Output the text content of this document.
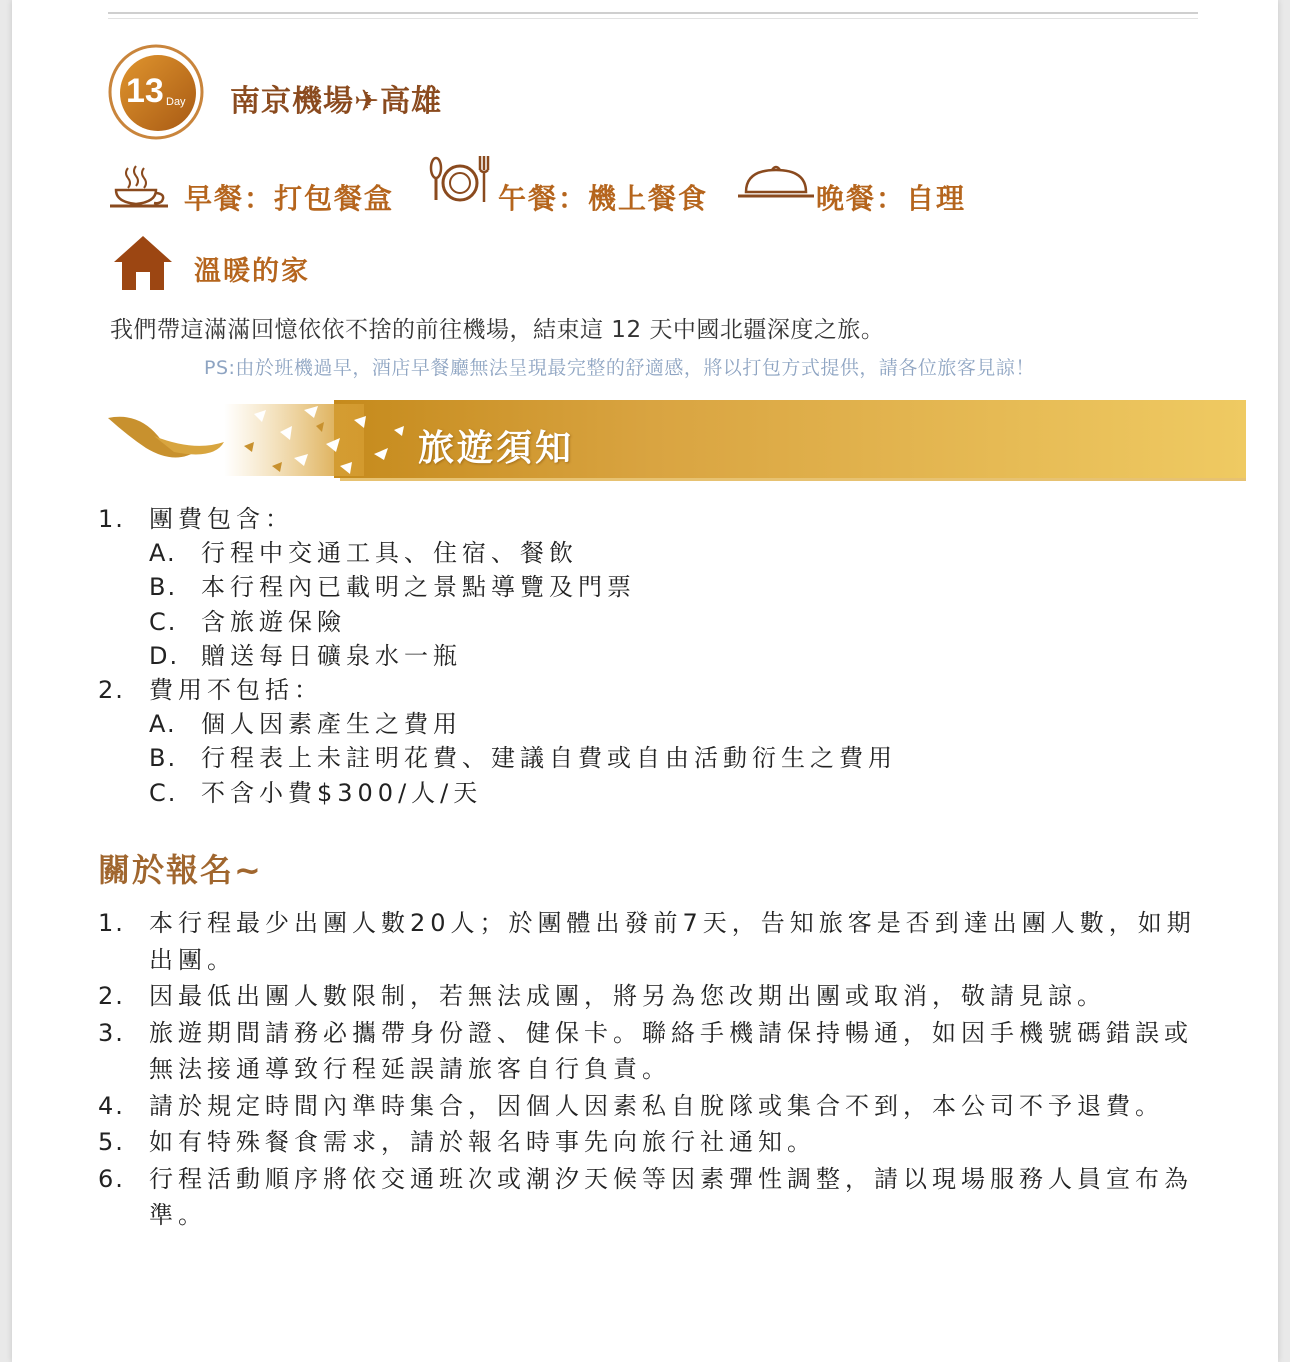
13 Day 南京機場✈高雄
早餐：打包餐盒	午餐：機上餐食	晚餐：自理
溫暖的家
我們帶這滿滿回憶依依不捨的前往機場，結束這 12 天中國北疆深度之旅。
PS:由於班機過早，酒店早餐廳無法呈現最完整的舒適感，將以打包方式提供，請各位旅客見諒！
旅遊須知
1.	團費包含：
A. 行程中交通工具、住宿、餐飲
B. 本行程內已載明之景點導覽及門票
C. 含旅遊保險
D. 贈送每日礦泉水一瓶
2.	費用不包括：
A. 個人因素產生之費用
B. 行程表上未註明花費、建議自費或自由活動衍生之費用
C. 不含小費$300/人/天
關於報名~
1.	本行程最少出團人數20人；於團體出發前7天，告知旅客是否到達出團人數，如期出團。
2.	因最低出團人數限制，若無法成團，將另為您改期出團或取消，敬請見諒。
3.	旅遊期間請務必攜帶身份證、健保卡。聯絡手機請保持暢通，如因手機號碼錯誤或無法接通導致行程延誤請旅客自行負責。
4.	請於規定時間內準時集合，因個人因素私自脫隊或集合不到，本公司不予退費。
5.	如有特殊餐食需求，請於報名時事先向旅行社通知。
6.	行程活動順序將依交通班次或潮汐天候等因素彈性調整，請以現場服務人員宣布為準。
